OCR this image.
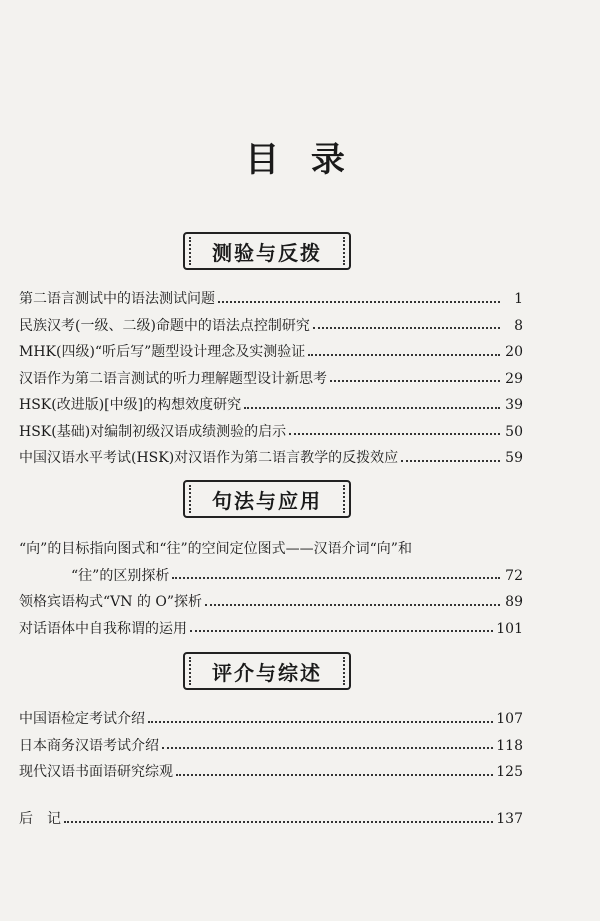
目 录
测验与反拨
第二语言测试中的语法测试问题	1
民族汉考(一级、二级)命题中的语法点控制研究	8
MHK(四级)“听后写”题型设计理念及实测验证	20
汉语作为第二语言测试的听力理解题型设计新思考	29
HSK(改进版)[中级]的构想效度研究	39
HSK(基础)对编制初级汉语成绩测验的启示	50
中国汉语水平考试(HSK)对汉语作为第二语言教学的反拨效应	59
句法与应用
“向”的目标指向图式和“往”的空间定位图式——汉语介词“向”和
“往”的区别探析	72
领格宾语构式“VN 的 O”探析	89
对话语体中自我称谓的运用	101
评介与综述
中国语检定考试介绍	107
日本商务汉语考试介绍	118
现代汉语书面语研究综观	125
后　记	137
